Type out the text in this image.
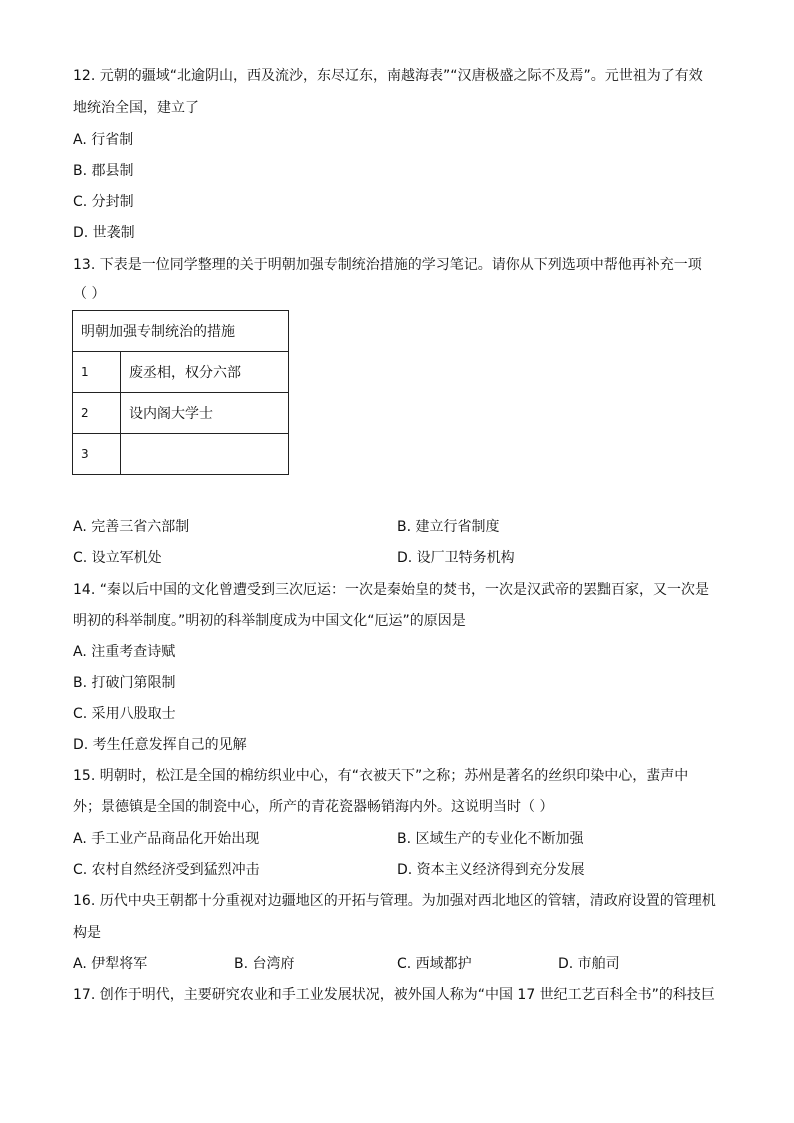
12. 元朝的疆域“北逾阴山，西及流沙，东尽辽东，南越海表”“汉唐极盛之际不及焉”。元世祖为了有效
地统治全国，建立了
A. 行省制
B. 郡县制
C. 分封制
D. 世袭制
13. 下表是一位同学整理的关于明朝加强专制统治措施的学习笔记。请你从下列选项中帮他再补充一项
（ ）
明朝加强专制统治的措施	
1	废丞相，权分六部
2	设内阁大学士
3	
A. 完善三省六部制	B. 建立行省制度
C. 设立军机处	D. 设厂卫特务机构
14. “秦以后中国的文化曾遭受到三次厄运：一次是秦始皇的焚书，一次是汉武帝的罢黜百家，又一次是
明初的科举制度。”明初的科举制度成为中国文化“厄运”的原因是
A. 注重考查诗赋
B. 打破门第限制
C. 采用八股取士
D. 考生任意发挥自己的见解
15. 明朝时，松江是全国的棉纺织业中心，有“衣被天下”之称；苏州是著名的丝织印染中心，蜚声中
外；景德镇是全国的制瓷中心，所产的青花瓷器畅销海内外。这说明当时（ ）
A. 手工业产品商品化开始出现	B. 区域生产的专业化不断加强
C. 农村自然经济受到猛烈冲击	D. 资本主义经济得到充分发展
16. 历代中央王朝都十分重视对边疆地区的开拓与管理。为加强对西北地区的管辖，清政府设置的管理机
构是
A. 伊犁将军	B. 台湾府	C. 西域都护	D. 市舶司
17. 创作于明代，主要研究农业和手工业发展状况，被外国人称为“中国 17 世纪工艺百科全书”的科技巨
